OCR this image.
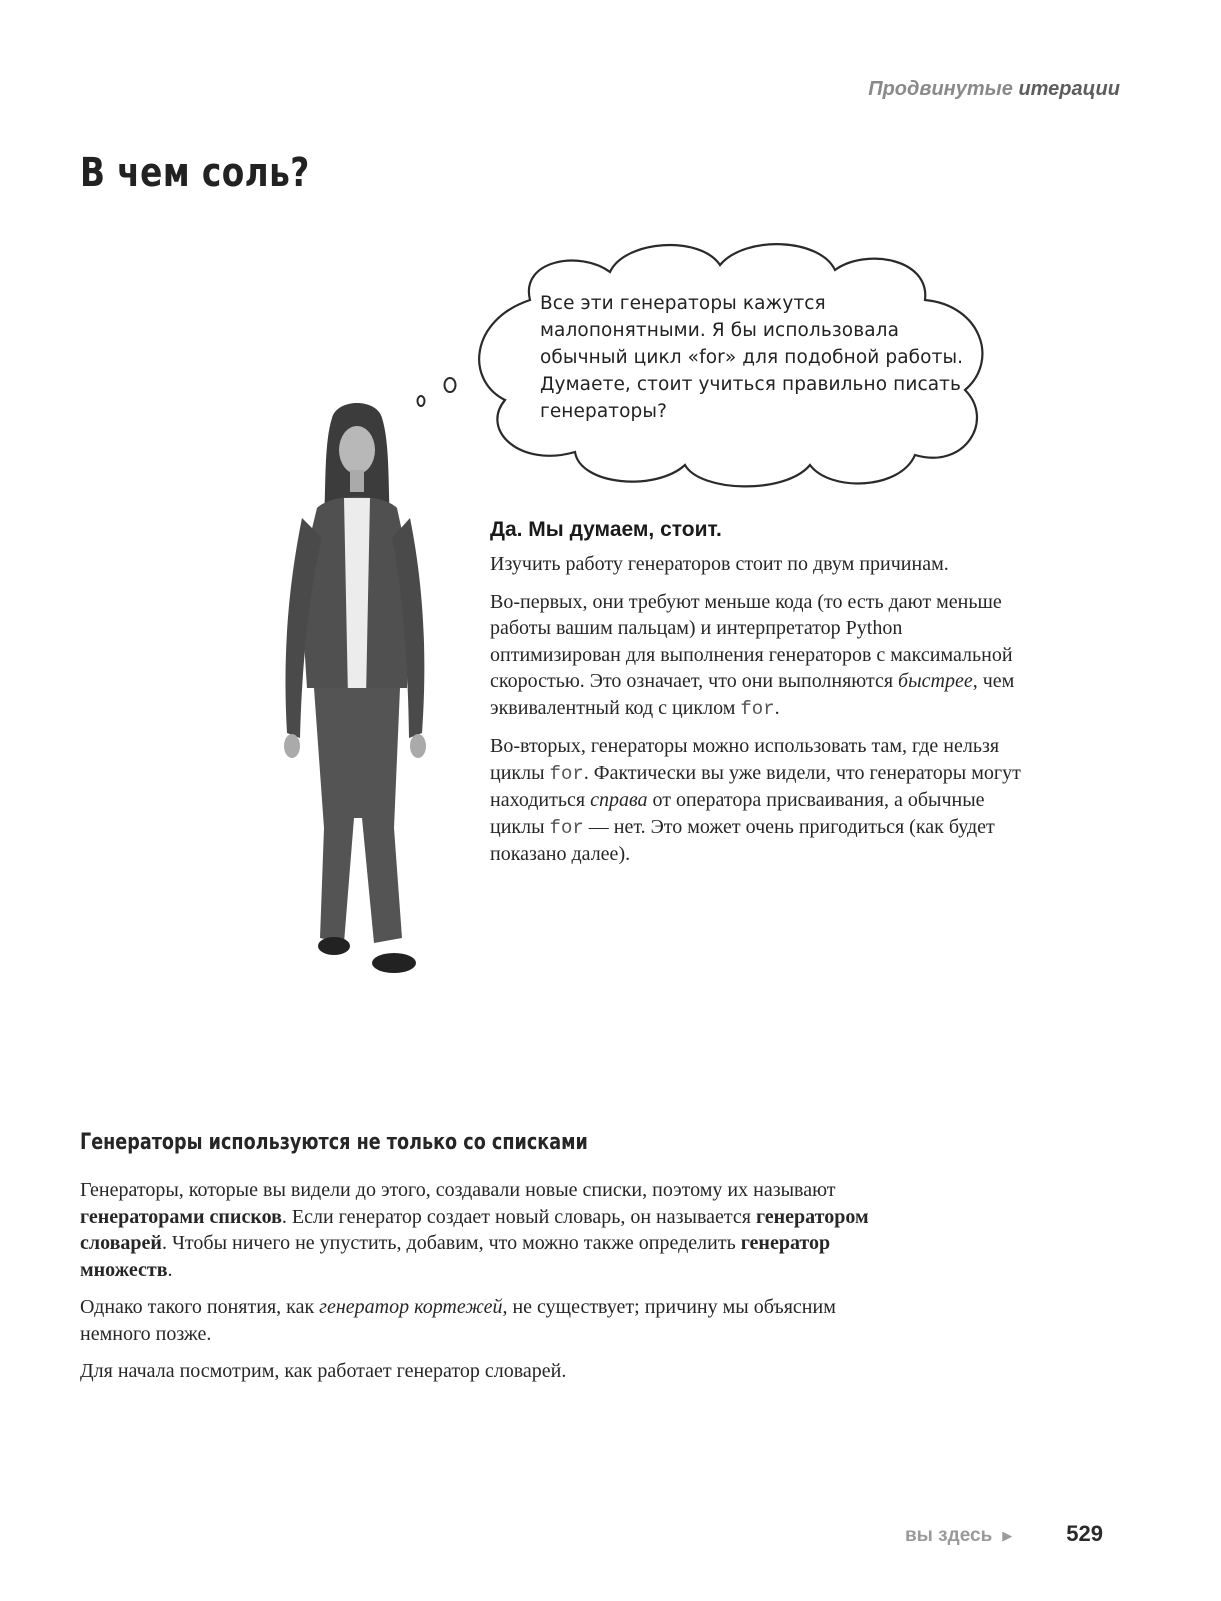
Продвинутые итерации
В чем соль?
Все эти генераторы кажутся
малопонятными. Я бы использовала
обычный цикл «for» для подобной работы.
Думаете, стоит учиться правильно писать
генераторы?
Да. Мы думаем, стоит.

Изучить работу генераторов стоит по двум причинам.

Во-первых, они требуют меньше кода (то есть дают меньше работы вашим пальцам) и интерпретатор Python оптимизирован для выполнения генераторов с максимальной скоростью. Это означает, что они выполняются быстрее, чем эквивалентный код с циклом for.

Во-вторых, генераторы можно использовать там, где нельзя циклы for. Фактически вы уже видели, что генераторы могут находиться справа от оператора присваивания, а обычные циклы for — нет. Это может очень пригодиться (как будет показано далее).

Генераторы используются не только со списками

Генераторы, которые вы видели до этого, создавали новые списки, поэтому их называют генераторами списков. Если генератор создает новый словарь, он называется генератором словарей. Чтобы ничего не упустить, добавим, что можно также определить генератор множеств.

Однако такого понятия, как генератор кортежей, не существует; причину мы объясним немного позже.

Для начала посмотрим, как работает генератор словарей.

вы здесь ▶ 529
